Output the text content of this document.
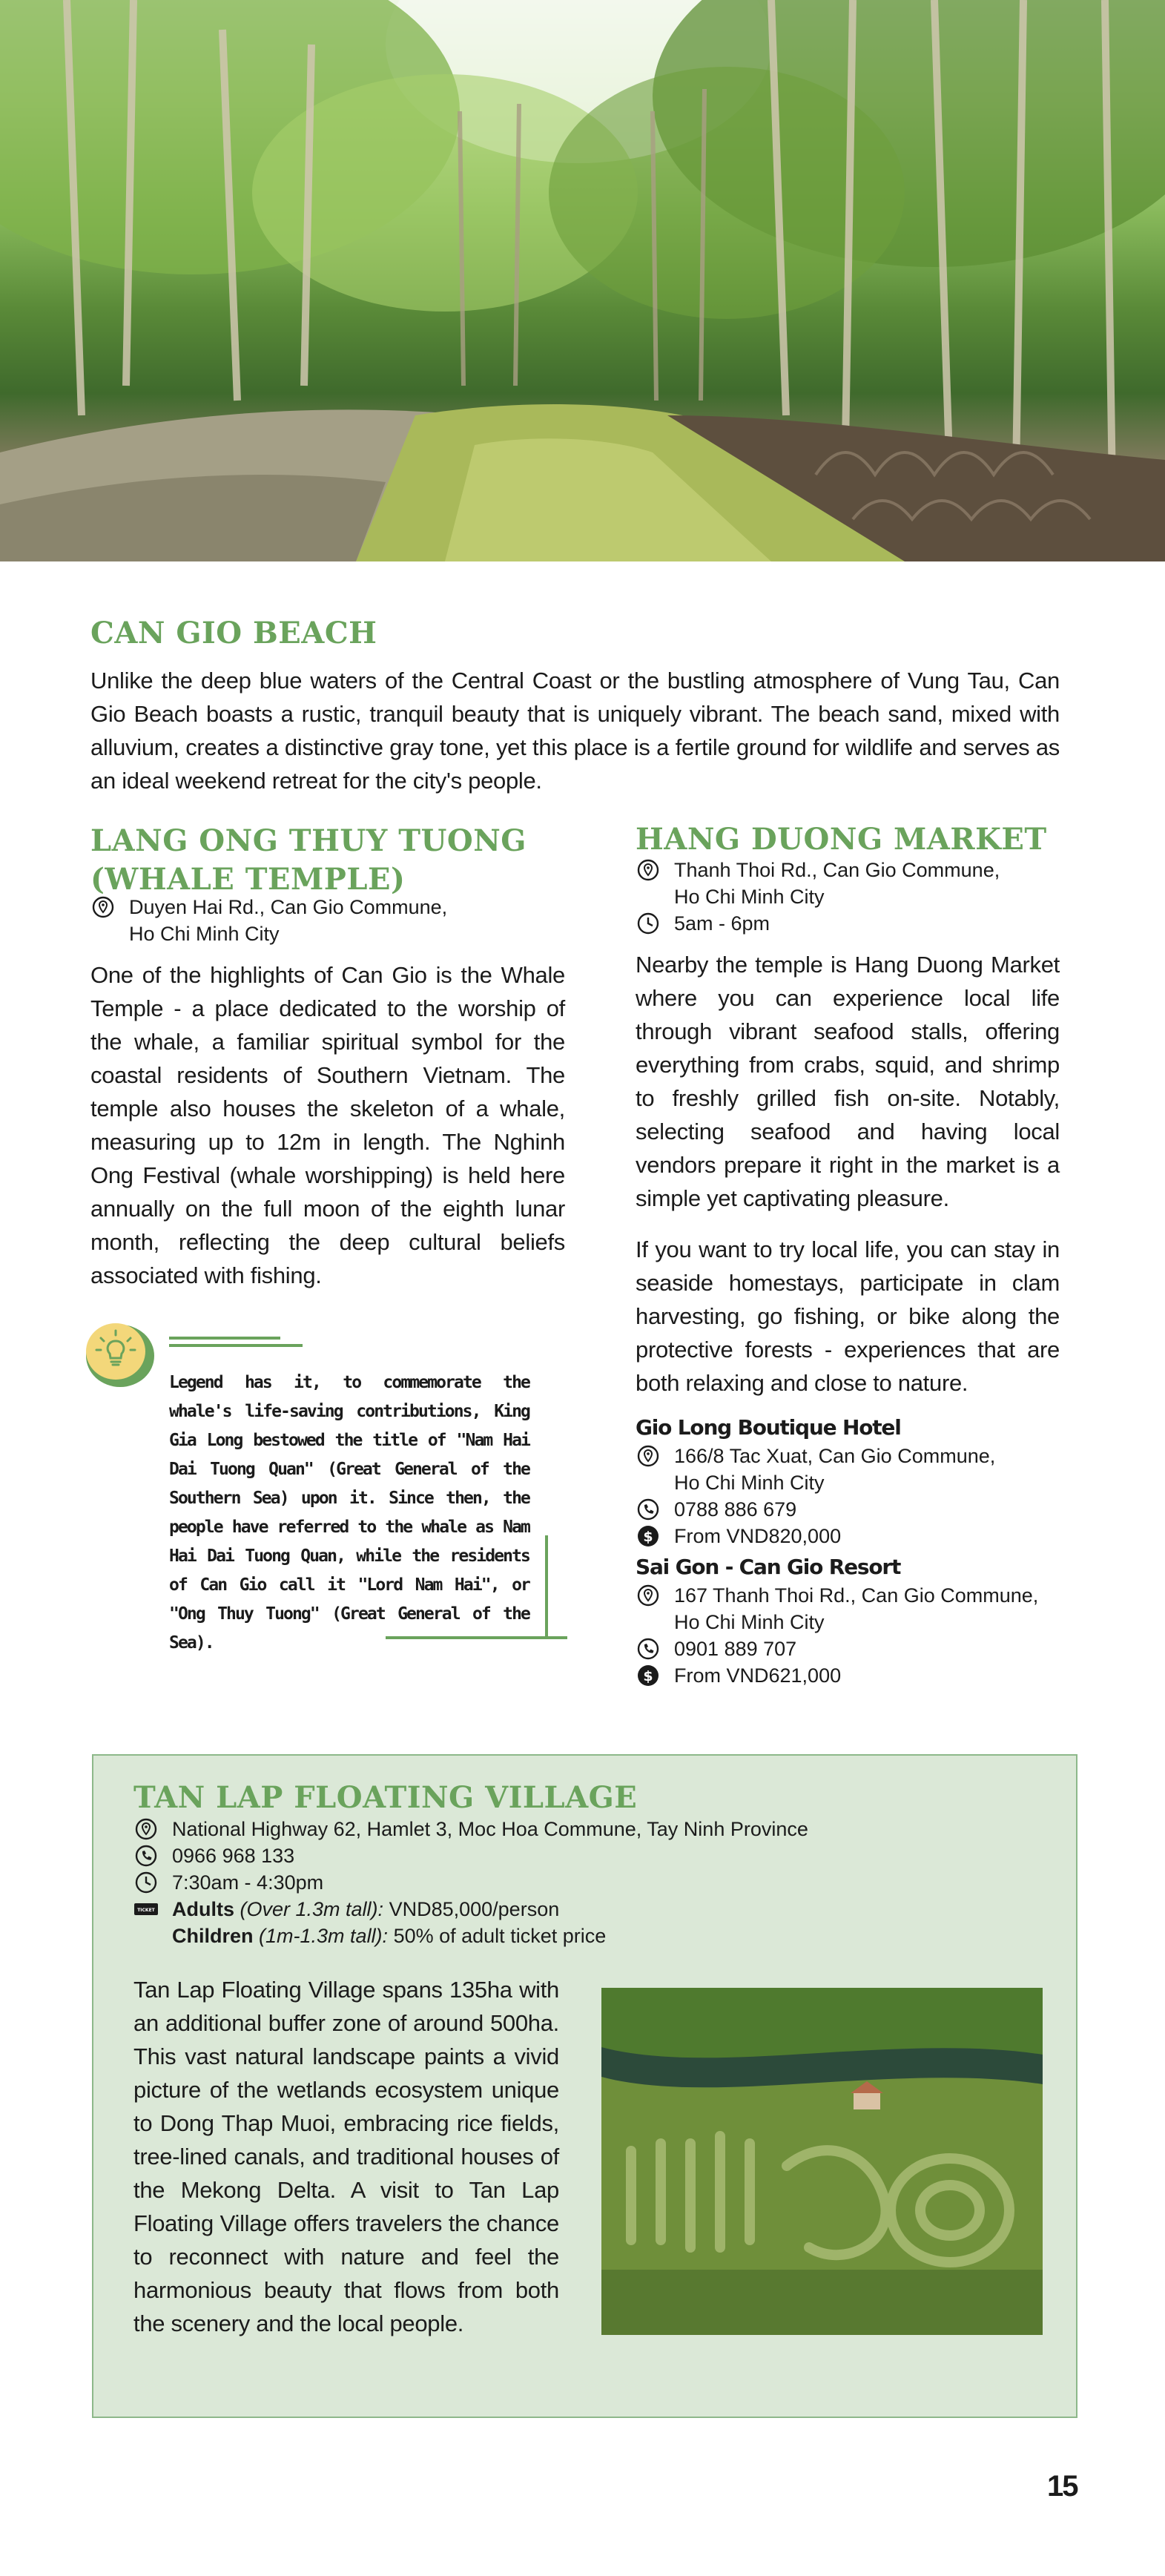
CAN GIO BEACH

Unlike the deep blue waters of the Central Coast or the bustling atmosphere of Vung Tau, Can Gio Beach boasts a rustic, tranquil beauty that is uniquely vibrant. The beach sand, mixed with alluvium, creates a distinctive gray tone, yet this place is a fertile ground for wildlife and serves as an ideal weekend retreat for the city's people.

LANG ONG THUY TUONG
(WHALE TEMPLE)
Duyen Hai Rd., Can Gio Commune,
Ho Chi Minh City

One of the highlights of Can Gio is the Whale Temple - a place dedicated to the worship of the whale, a familiar spiritual symbol for the coastal residents of Southern Vietnam. The temple also houses the skeleton of a whale, measuring up to 12m in length. The Nghinh Ong Festival (whale worshipping) is held here annually on the full moon of the eighth lunar month, reflecting the deep cultural beliefs associated with fishing.

Legend has it, to commemorate the whale's life-saving contributions, King Gia Long bestowed the title of "Nam Hai Dai Tuong Quan" (Great General of the Southern Sea) upon it. Since then, the people have referred to the whale as Nam Hai Dai Tuong Quan, while the residents of Can Gio call it "Lord Nam Hai", or "Ong Thuy Tuong" (Great General of the Sea).

HANG DUONG MARKET
Thanh Thoi Rd., Can Gio Commune,
Ho Chi Minh City
5am - 6pm

Nearby the temple is Hang Duong Market where you can experience local life through vibrant seafood stalls, offering everything from crabs, squid, and shrimp to freshly grilled fish on-site. Notably, selecting seafood and having local vendors prepare it right in the market is a simple yet captivating pleasure.

If you want to try local life, you can stay in seaside homestays, participate in clam harvesting, go fishing, or bike along the protective forests - experiences that are both relaxing and close to nature.

Gio Long Boutique Hotel
166/8 Tac Xuat, Can Gio Commune,
Ho Chi Minh City
0788 886 679
$ From VND820,000
Sai Gon - Can Gio Resort
167 Thanh Thoi Rd., Can Gio Commune,
Ho Chi Minh City
0901 889 707
$ From VND621,000
TAN LAP FLOATING VILLAGE
National Highway 62, Hamlet 3, Moc Hoa Commune, Tay Ninh Province
0966 968 133
7:30am - 4:30pm
TICKET Adults (Over 1.3m tall): VND85,000/person
Children (1m-1.3m tall): 50% of adult ticket price

Tan Lap Floating Village spans 135ha with an additional buffer zone of around 500ha. This vast natural landscape paints a vivid picture of the wetlands ecosystem unique to Dong Thap Muoi, embracing rice fields, tree-lined canals, and traditional houses of the Mekong Delta. A visit to Tan Lap Floating Village offers travelers the chance to reconnect with nature and feel the harmonious beauty that flows from both the scenery and the local people.

15
